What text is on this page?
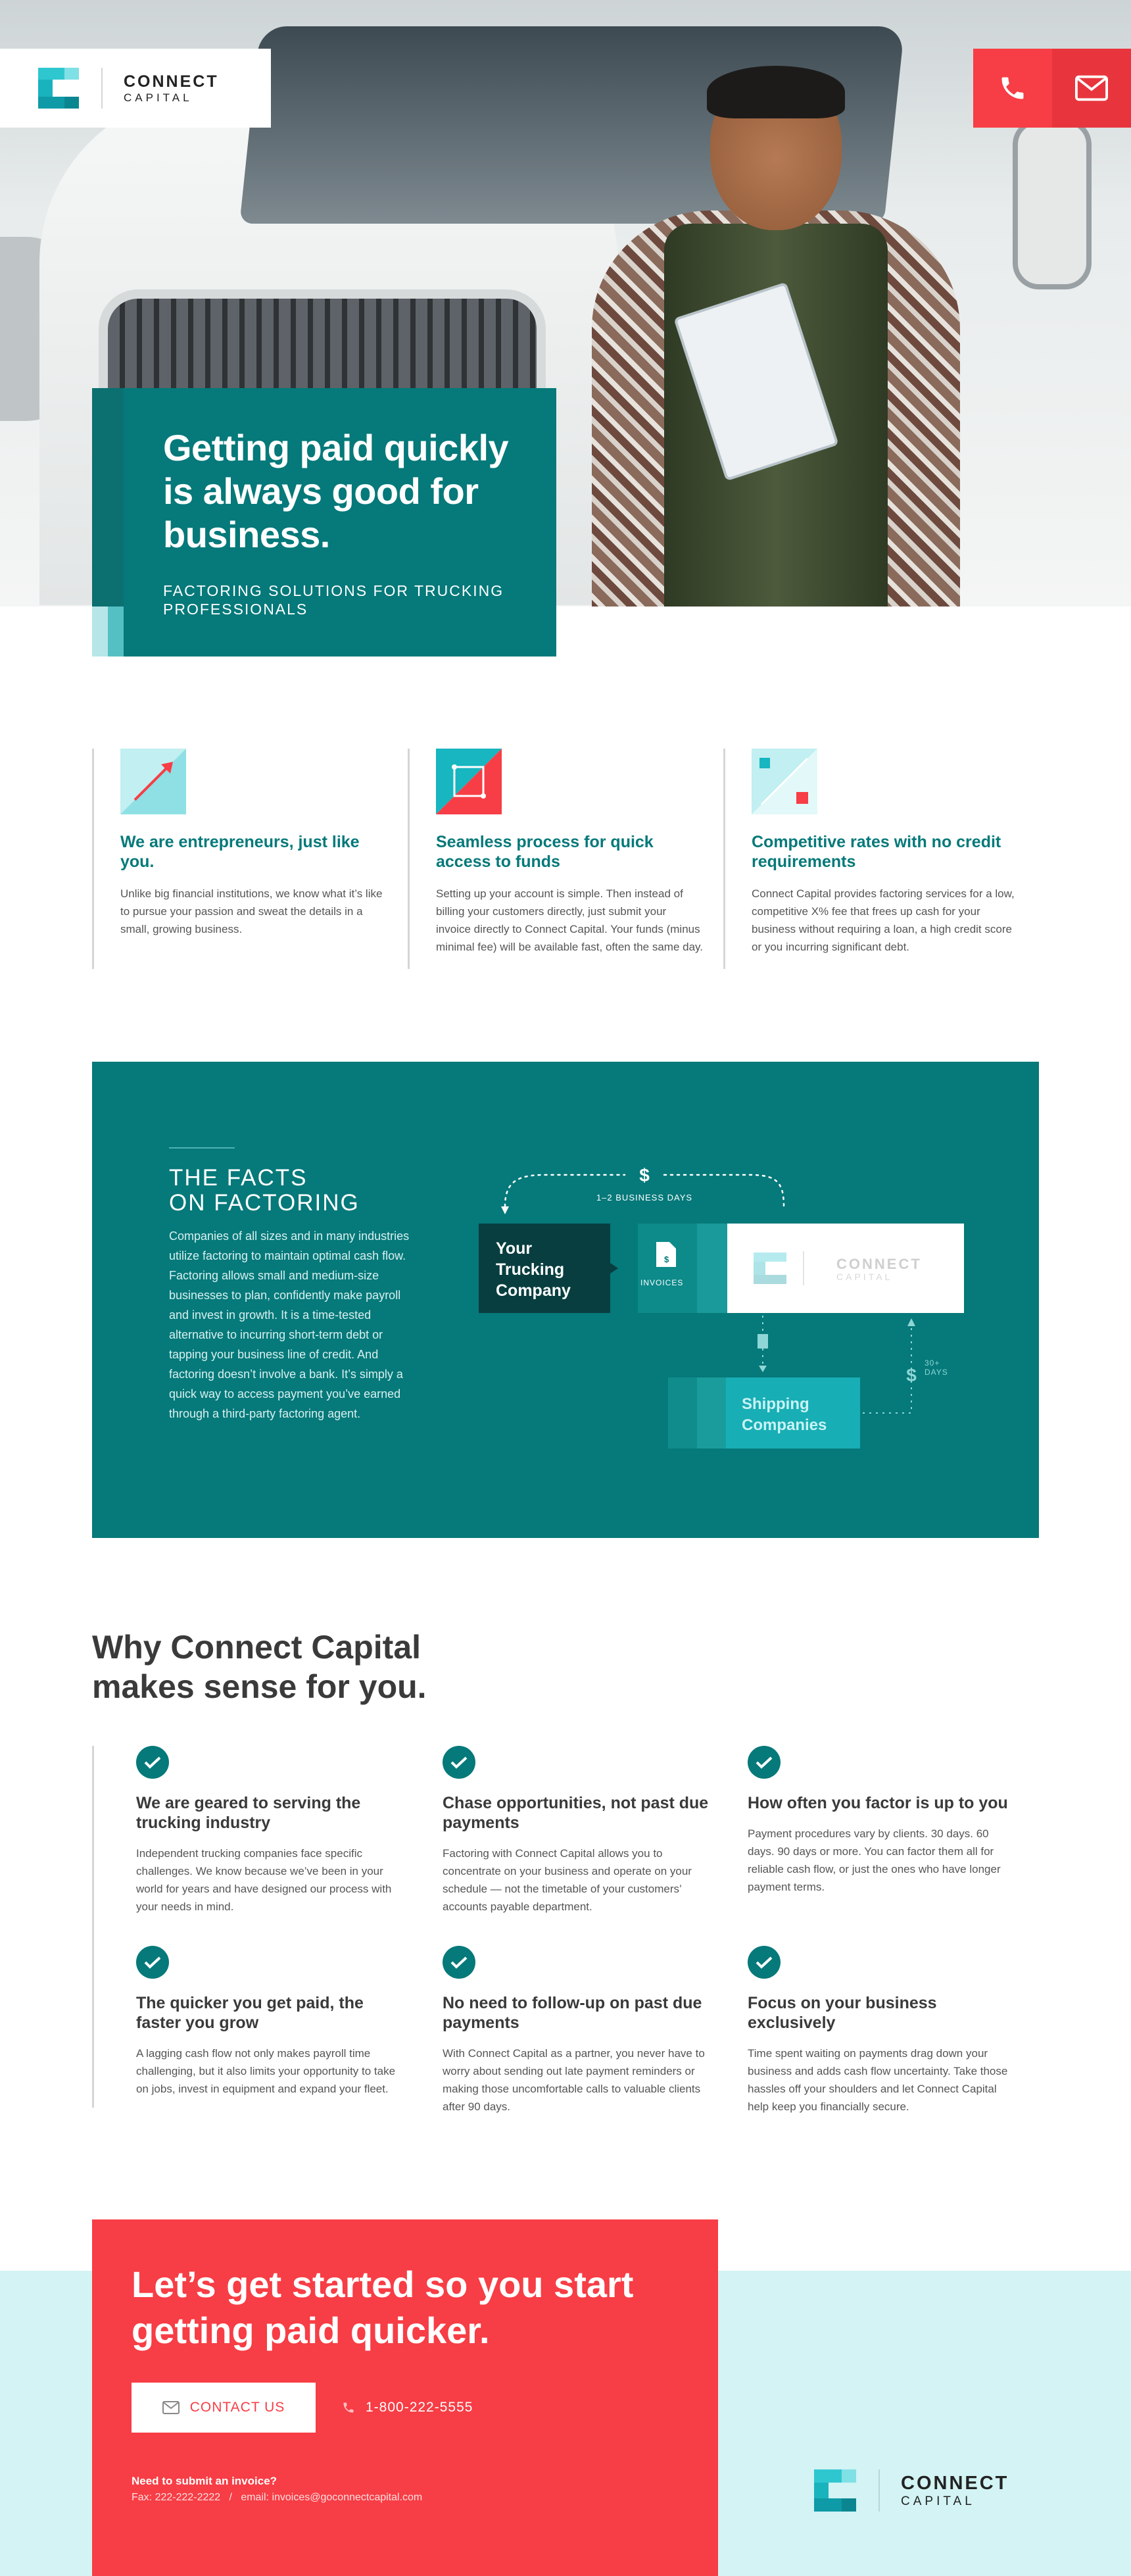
CONNECT
CAPITAL
Getting paid quickly is always good for business.
FACTORING SOLUTIONS FOR TRUCKING PROFESSIONALS
We are entrepreneurs, just like you.

Unlike big financial institutions, we know what it’s like to pursue your passion and sweat the details in a small, growing business.

Seamless process for quick access to funds

Setting up your account is simple. Then instead of billing your customers directly, just submit your invoice directly to Connect Capital. Your funds (minus minimal fee) will be available fast, often the same day.

Competitive rates with no credit requirements

Connect Capital provides factoring services for a low, competitive X% fee that frees up cash for your business without requiring a loan, a high credit score or you incurring significant debt.

THE FACTS
ON FACTORING

Companies of all sizes and in many industries utilize factoring to maintain optimal cash flow. Factoring allows small and medium-size businesses to plan, confidently make payroll and invest in growth. It is a time-tested alternative to incurring short-term debt or tapping your business line of credit. And factoring doesn’t involve a bank. It’s simply a quick way to access payment you’ve earned through a third-party factoring agent.

$
1–2 BUSINESS DAYS
Your
Trucking
Company
$
INVOICES
CONNECT
CAPITAL
Shipping
Companies
$
30+
DAYS
Why Connect Capital
makes sense for you.
We are geared to serving the trucking industry

Independent trucking companies face specific challenges. We know because we’ve been in your world for years and have designed our process with your needs in mind.

Chase opportunities, not past due payments

Factoring with Connect Capital allows you to concentrate on your business and operate on your schedule — not the timetable of your customers’ accounts payable department.

How often you factor is up to you

Payment procedures vary by clients. 30 days. 60 days. 90 days or more. You can factor them all for reliable cash flow, or just the ones who have longer payment terms.

The quicker you get paid, the faster you grow

A lagging cash flow not only makes payroll time challenging, but it also limits your opportunity to take on jobs, invest in equipment and expand your fleet.

No need to follow-up on past due payments

With Connect Capital as a partner, you never have to worry about sending out late payment reminders or making those uncomfortable calls to valuable clients after 90 days.

Focus on your business exclusively

Time spent waiting on payments drag down your business and adds cash flow uncertainty. Take those hassles off your shoulders and let Connect Capital help keep you financially secure.

Let’s get started so you start
getting paid quicker.
CONTACT US	1-800-222-5555
Need to submit an invoice?
Fax: 222-222-2222   /   email: invoices@goconnectcapital.com
CONNECT
CAPITAL
